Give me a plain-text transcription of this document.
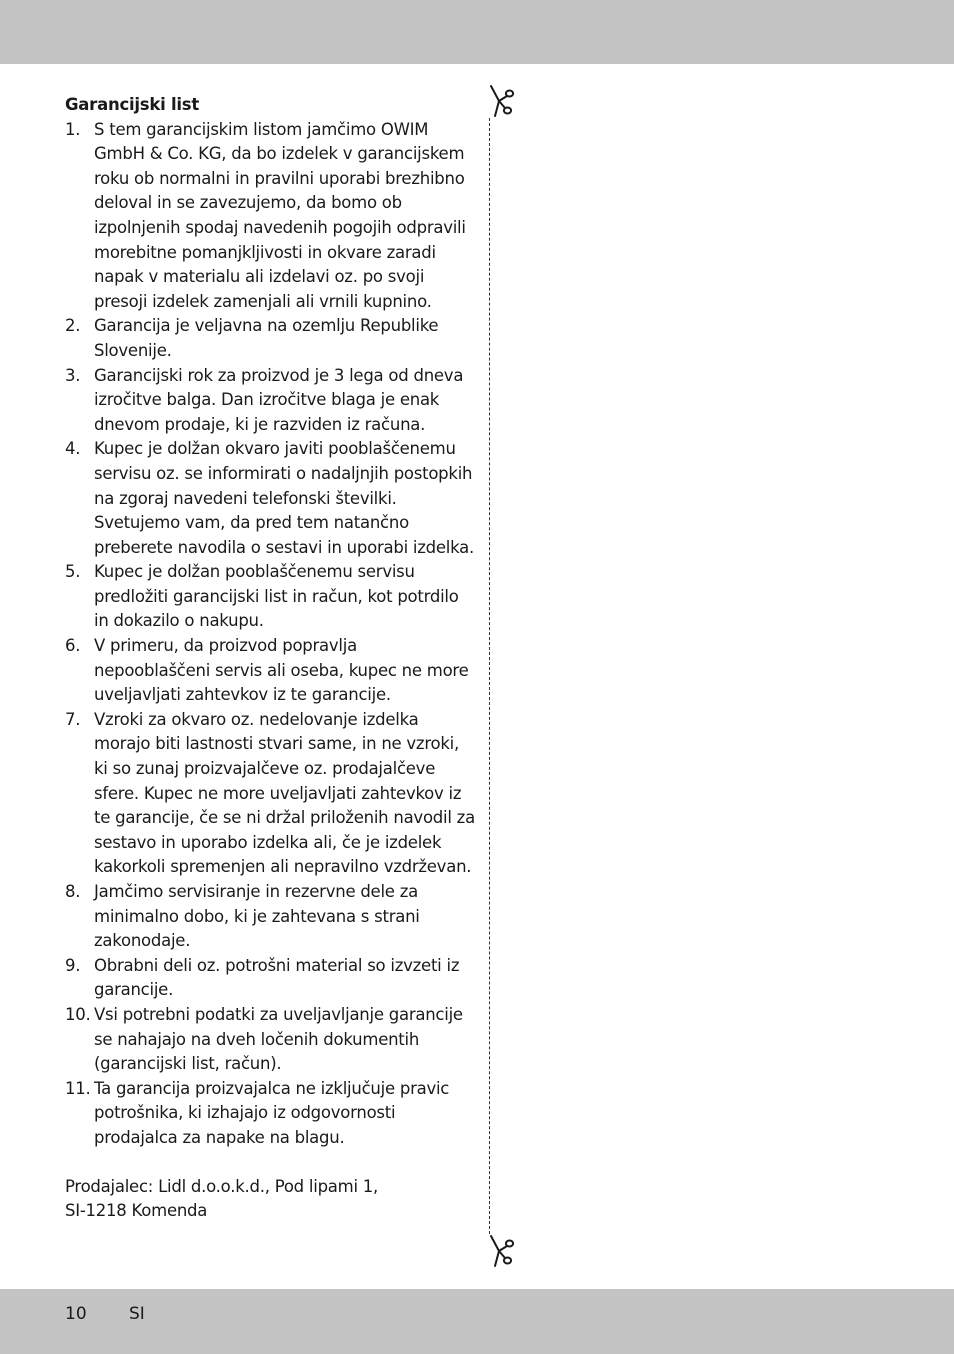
Garancijski list

1. S tem garancijskim listom jamčimo OWIM GmbH & Co. KG, da bo izdelek v garancijskem roku ob normalni in pravilni uporabi brezhibno deloval in se zavezujemo, da bomo ob izpolnjenih spodaj navedenih pogojih odpravili morebitne pomanjkljivosti in okvare zaradi napak v materialu ali izdelavi oz. po svoji presoji izdelek zamenjali ali vrnili kupnino.
2. Garancija je veljavna na ozemlju Republike Slovenije.
3. Garancijski rok za proizvod je 3 lega od dneva izročitve balga. Dan izročitve blaga je enak dnevom prodaje, ki je razviden iz računa.
4. Kupec je dolžan okvaro javiti pooblaščenemu servisu oz. se informirati o nadaljnjih postopkih na zgoraj navedeni telefonski številki. Svetujemo vam, da pred tem natančno preberete navodila o sestavi in uporabi izdelka.
5. Kupec je dolžan pooblaščenemu servisu predložiti garancijski list in račun, kot potrdilo in dokazilo o nakupu.
6. V primeru, da proizvod popravlja nepooblaščeni servis ali oseba, kupec ne more uveljavljati zahtevkov iz te garancije.
7. Vzroki za okvaro oz. nedelovanje izdelka morajo biti lastnosti stvari same, in ne vzroki, ki so zunaj proizvajalčeve oz. prodajalčeve sfere. Kupec ne more uveljavljati zahtevkov iz te garancije, če se ni držal priloženih navodil za sestavo in uporabo izdelka ali, če je izdelek kakorkoli spremenjen ali nepravilno vzdrževan.
8. Jamčimo servisiranje in rezervne dele za minimalno dobo, ki je zahtevana s strani zakonodaje.
9. Obrabni deli oz. potrošni material so izvzeti iz garancije.
10. Vsi potrebni podatki za uveljavljanje garancije se nahajajo na dveh ločenih dokumentih (garancijski list, račun).
11. Ta garancija proizvajalca ne izključuje pravic potrošnika, ki izhajajo iz odgovornosti prodajalca za napake na blagu.
Prodajalec: Lidl d.o.o.k.d., Pod lipami 1,
SI-1218 Komenda
10 SI
